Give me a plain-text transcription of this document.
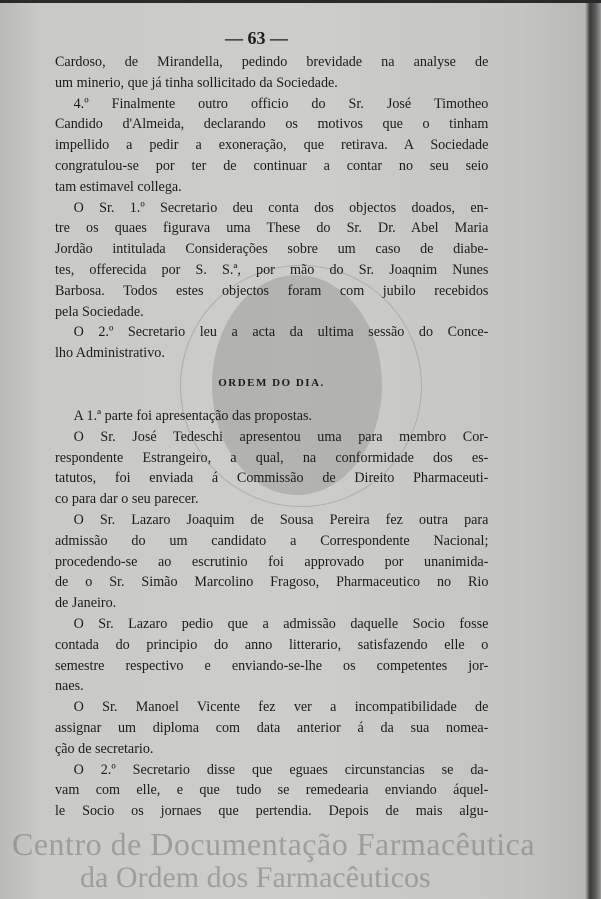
Centro de Documentação Farmacêutica
da Ordem dos Farmacêuticos
— 63 —
Cardoso, de Mirandella, pedindo brevidade na analyse de
um minerio, que já tinha sollicitado da Sociedade.
4.º Finalmente outro officio do Sr. José Timotheo
Candido d'Almeida, declarando os motivos que o tinham
impellido a pedir a exoneração, que retirava. A Sociedade
congratulou-se por ter de continuar a contar no seu seio
tam estimavel collega.
O Sr. 1.º Secretario deu conta dos objectos doados, en-
tre os quaes figurava uma These do Sr. Dr. Abel Maria
Jordão intitulada Considerações sobre um caso de diabe-
tes, offerecida por S. S.ª, por mão do Sr. Joaqnim Nunes
Barbosa. Todos estes objectos foram com jubilo recebidos
pela Sociedade.
O 2.º Secretario leu a acta da ultima sessão do Conce-
lho Administrativo.
ORDEM DO DIA.
A 1.ª parte foi apresentação das propostas.
O Sr. José Tedeschi apresentou uma para membro Cor-
respondente Estrangeiro, a qual, na conformidade dos es-
tatutos, foi enviada á Commissão de Direito Pharmaceuti-
co para dar o seu parecer.
O Sr. Lazaro Joaquim de Sousa Pereira fez outra para
admissão do um candidato a Correspondente Nacional;
procedendo-se ao escrutinio foi approvado por unanimida-
de o Sr. Simão Marcolino Fragoso, Pharmaceutico no Rio
de Janeiro.
O Sr. Lazaro pedio que a admissão daquelle Socio fosse
contada do principio do anno litterario, satisfazendo elle o
semestre respectivo e enviando-se-lhe os competentes jor-
naes.
O Sr. Manoel Vicente fez ver a incompatibilidade de
assignar um diploma com data anterior á da sua nomea-
ção de secretario.
O 2.º Secretario disse que eguaes circunstancias se da-
vam com elle, e que tudo se remedearia enviando áquel-
le Socio os jornaes que pertendia. Depois de mais algu-
